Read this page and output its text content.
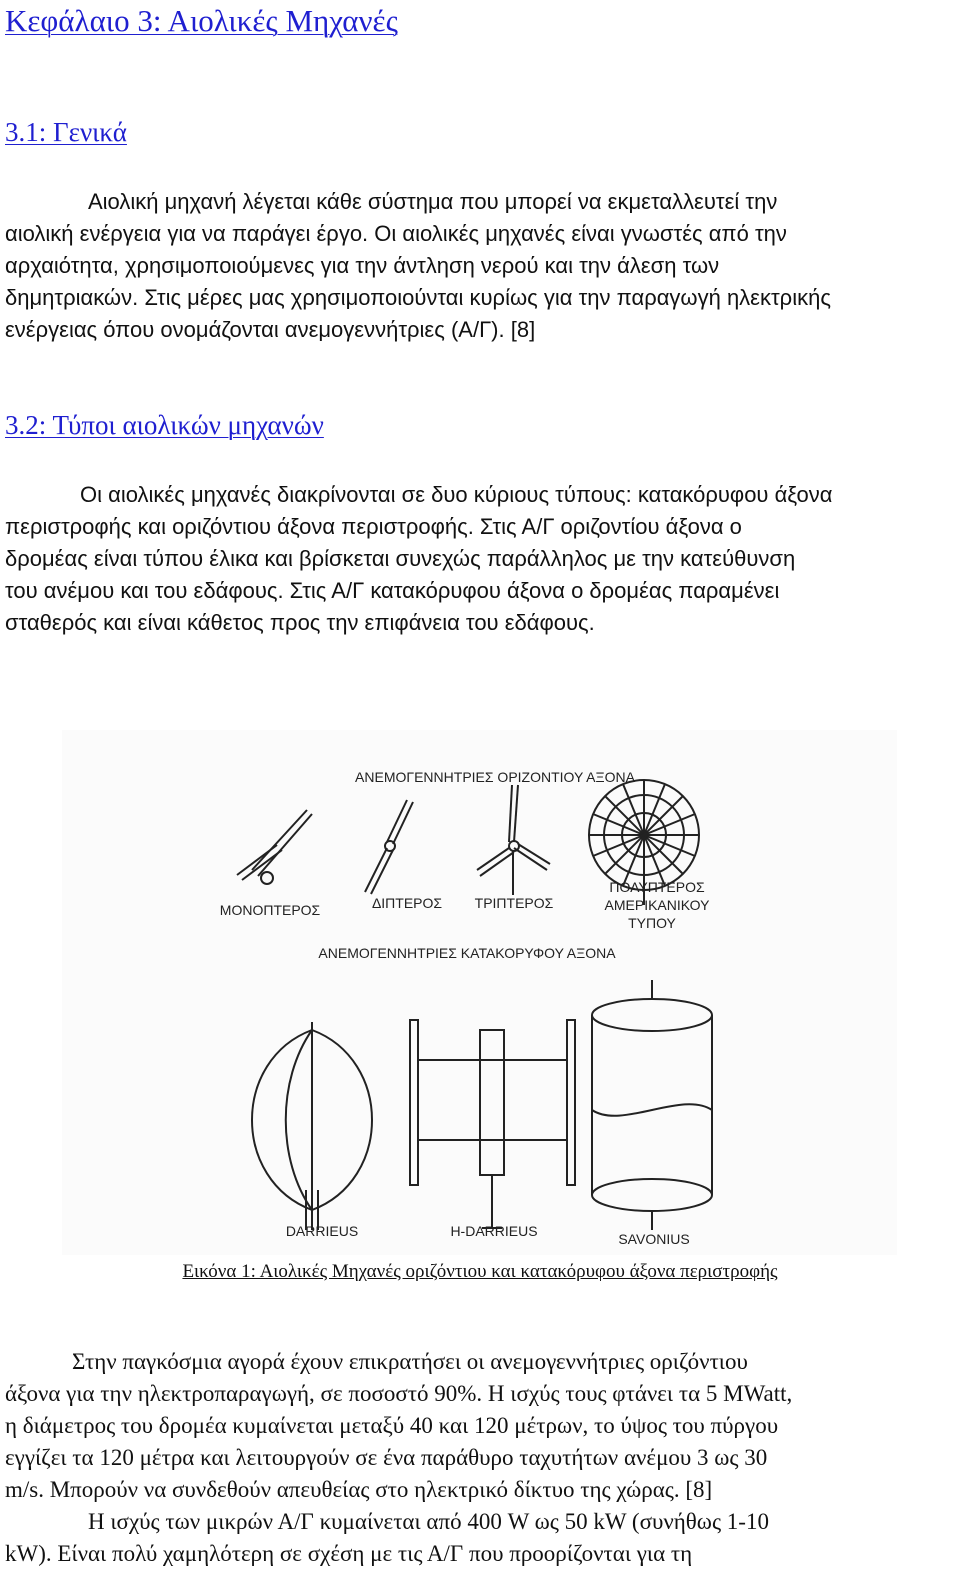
Κεφάλαιο 3: Αιολικές Μηχανές
3.1: Γενικά
Αιολική μηχανή λέγεται κάθε σύστημα που μπορεί να εκμεταλλευτεί την
αιολική ενέργεια για να παράγει έργο. Οι αιολικές μηχανές είναι γνωστές από την
αρχαιότητα, χρησιμοποιούμενες για την άντληση νερού και την άλεση των
δημητριακών. Στις μέρες μας χρησιμοποιούνται κυρίως για την παραγωγή ηλεκτρικής
ενέργειας όπου ονομάζονται ανεμογεννήτριες (Α/Γ). [8]
3.2: Τύποι αιολικών μηχανών
Οι αιολικές μηχανές διακρίνονται σε δυο κύριους τύπους: κατακόρυφου άξονα
περιστροφής και οριζόντιου άξονα περιστροφής. Στις Α/Γ οριζοντίου άξονα ο
δρομέας είναι τύπου έλικα και βρίσκεται συνεχώς παράλληλος με την κατεύθυνση
του ανέμου και του εδάφους. Στις Α/Γ κατακόρυφου άξονα ο δρομέας παραμένει
σταθερός και είναι κάθετος προς την επιφάνεια του εδάφους.
ΑΝΕΜΟΓΕΝΝΗΤΡΙΕΣ ΟΡΙΖΟΝΤΙΟΥ ΑΞΟΝΑ
ΜΟΝΟΠΤΕΡΟΣ	ΔΙΠΤΕΡΟΣ ΤΡΙΠΤΕΡΟΣ
ΠΟΛΥΠΤΕΡΟΣ
ΑΜΕΡΙΚΑΝΙΚΟΥ
ΤΥΠΟΥ
ΑΝΕΜΟΓΕΝΝΗΤΡΙΕΣ ΚΑΤΑΚΟΡΥΦΟΥ ΑΞΟΝΑ
DARRIEUS	H-DARRIEUS	SAVONIUS
Εικόνα 1: Αιολικές Μηχανές οριζόντιου και κατακόρυφου άξονα περιστροφής
Στην παγκόσμια αγορά έχουν επικρατήσει οι ανεμογεννήτριες οριζόντιου
άξονα για την ηλεκτροπαραγωγή, σε ποσοστό 90%. Η ισχύς τους φτάνει τα 5 MWatt,
η διάμετρος του δρομέα κυμαίνεται μεταξύ 40 και 120 μέτρων, το ύψος του πύργου
εγγίζει τα 120 μέτρα και λειτουργούν σε ένα παράθυρο ταχυτήτων ανέμου 3 ως 30
m/s. Μπορούν να συνδεθούν απευθείας στο ηλεκτρικό δίκτυο της χώρας. [8]
Η ισχύς των μικρών Α/Γ κυμαίνεται από 400 W ως 50 kW (συνήθως 1-10
kW). Είναι πολύ χαμηλότερη σε σχέση με τις Α/Γ που προορίζονται για τη
